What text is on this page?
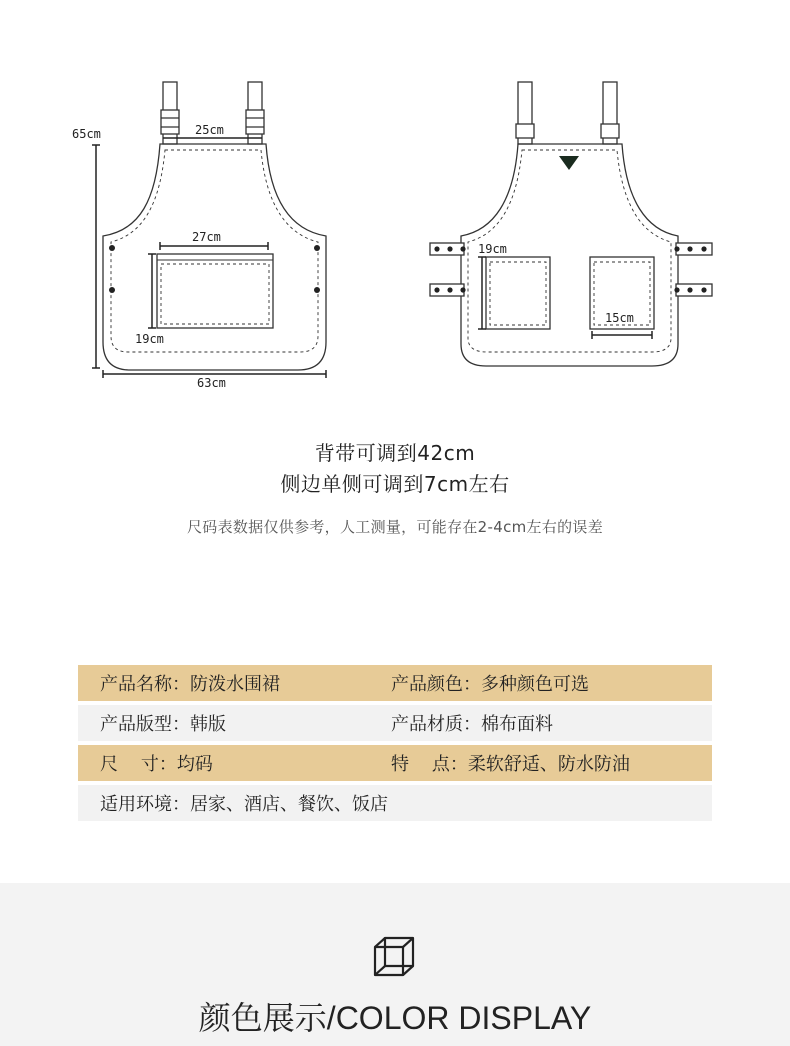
65cm	25cm
27cm
19cm
63cm
19cm
15cm
背带可调到42cm
侧边单侧可调到7cm左右
尺码表数据仅供参考，人工测量，可能存在2-4cm左右的误差
产品名称： 防泼水围裙	产品颜色： 多种颜色可选
产品版型： 韩版	产品材质： 棉布面料
尺    寸： 均码	特    点： 柔软舒适、防水防油
适用环境： 居家、酒店、餐饮、饭店
颜色展示/COLOR DISPLAY
